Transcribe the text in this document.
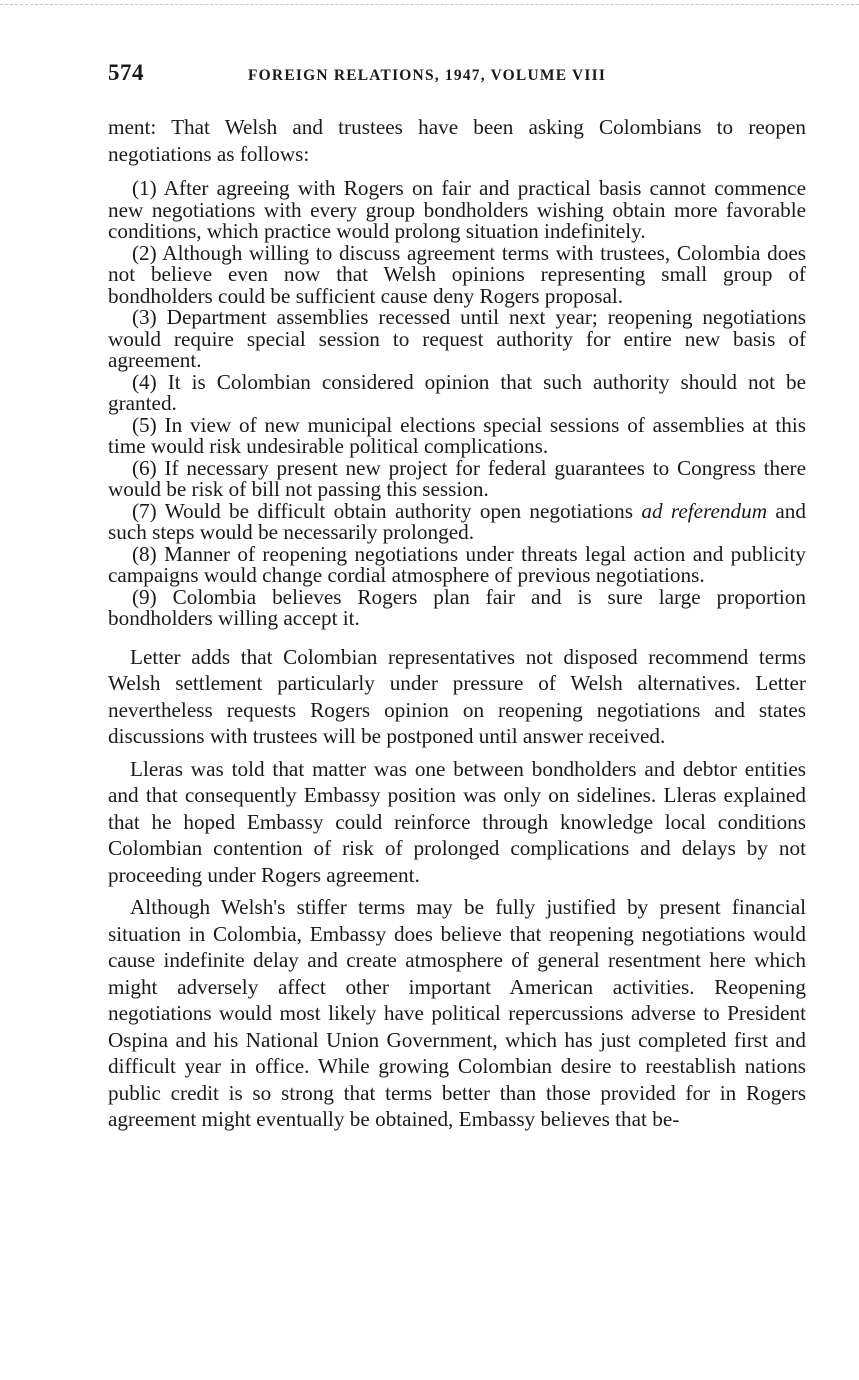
574	FOREIGN RELATIONS, 1947, VOLUME VIII

ment: That Welsh and trustees have been asking Colombians to reopen negotiations as follows:

(1) After agreeing with Rogers on fair and practical basis cannot commence new negotiations with every group bondholders wishing obtain more favorable conditions, which practice would prolong situation indefinitely.

(2) Although willing to discuss agreement terms with trustees, Colombia does not believe even now that Welsh opinions representing small group of bondholders could be sufficient cause deny Rogers proposal.

(3) Department assemblies recessed until next year; reopening negotiations would require special session to request authority for entire new basis of agreement.

(4) It is Colombian considered opinion that such authority should not be granted.

(5) In view of new municipal elections special sessions of assemblies at this time would risk undesirable political complications.

(6) If necessary present new project for federal guarantees to Congress there would be risk of bill not passing this session.

(7) Would be difficult obtain authority open negotiations ad referendum and such steps would be necessarily prolonged.

(8) Manner of reopening negotiations under threats legal action and publicity campaigns would change cordial atmosphere of previous negotiations.

(9) Colombia believes Rogers plan fair and is sure large proportion bondholders willing accept it.

Letter adds that Colombian representatives not disposed recommend terms Welsh settlement particularly under pressure of Welsh alternatives. Letter nevertheless requests Rogers opinion on reopening negotiations and states discussions with trustees will be postponed until answer received.

Lleras was told that matter was one between bondholders and debtor entities and that consequently Embassy position was only on sidelines. Lleras explained that he hoped Embassy could reinforce through knowledge local conditions Colombian contention of risk of prolonged complications and delays by not proceeding under Rogers agreement.

Although Welsh's stiffer terms may be fully justified by present financial situation in Colombia, Embassy does believe that reopening negotiations would cause indefinite delay and create atmosphere of general resentment here which might adversely affect other important American activities. Reopening negotiations would most likely have political repercussions adverse to President Ospina and his National Union Government, which has just completed first and difficult year in office. While growing Colombian desire to reestablish nations public credit is so strong that terms better than those provided for in Rogers agreement might eventually be obtained, Embassy believes that be-
